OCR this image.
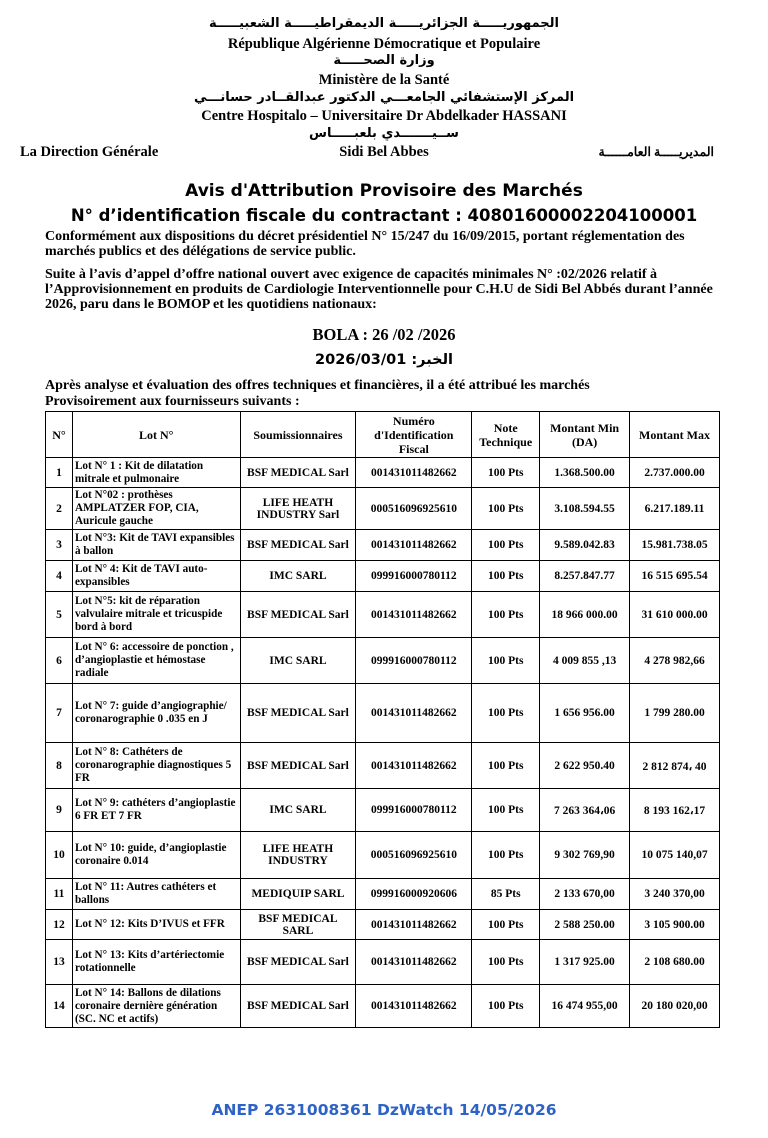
الجمهوريـــــة الجزائريـــــة الديمقراطيـــــة الشعبيـــــة
République Algérienne Démocratique et Populaire
وزارة الصحـــــة
Ministère de la Santé
المركز الإستشفائي الجامعـــي الدكتور عبدالقــادر حسانـــي
Centre Hospitalo – Universitaire Dr Abdelkader HASSANI
ســيـــــــدي بلعبـــــاس
La Direction Générale	Sidi Bel Abbes	المديريـــــة العامــــــة
Avis d'Attribution Provisoire des Marchés
N° d’identification fiscale du contractant : 408016000022041000​01
Conformément aux dispositions du décret présidentiel N° 15/247 du 16/09/2015, portant réglementation des marchés publics et des délégations de service public.
Suite à l’avis d’appel d’offre national ouvert avec exigence de capacités minimales N° :02/2026 relatif à l’Approvisionnement en produits de Cardiologie Interventionnelle pour C.H.U de Sidi Bel Abbés durant l’année 2026, paru dans le BOMOP et les quotidiens nationaux:
BOLA : 26 /02 /2026
الخبر: 2026/03/01
Après analyse et évaluation des offres techniques et financières, il a été attribué les marchés
Provisoirement aux fournisseurs suivants :
N°	Lot N°	Soumissionnaires	Numéro d'Identification Fiscal	Note Technique	Montant Min (DA)	Montant Max
1	Lot N° 1 : Kit de dilatation mitrale et pulmonaire	BSF MEDICAL Sarl	001431011482662	100 Pts	1.368.500.00	2.737.000.00
2	Lot N°02 : prothèses AMPLATZER FOP, CIA, Auricule gauche	LIFE HEATH INDUSTRY Sarl	000516096925610	100 Pts	3.108.594.55	6.217.189.11
3	Lot N°3: Kit de TAVI expansibles à ballon	BSF MEDICAL Sarl	001431011482662	100 Pts	9.589.042.83	15.981.738.05
4	Lot N° 4: Kit de TAVI auto-expansibles	IMC SARL	099916000780112	100 Pts	8.257.847.77	16 515 695.54
5	Lot N°5: kit de réparation valvulaire mitrale et tricuspide bord à bord	BSF MEDICAL Sarl	001431011482662	100 Pts	18 966 000.00	31 610 000.00
6	Lot N° 6: accessoire de ponction , d’angioplastie et hémostase radiale	IMC SARL	099916000780112	100 Pts	4 009 855 ,13	4 278 982,66
7	Lot N° 7: guide d’angiographie/ coronarographie 0 .035 en J	BSF MEDICAL Sarl	001431011482662	100 Pts	1 656 956.00	1 799 280.00
8	Lot N° 8: Cathéters de coronarographie diagnostiques 5 FR	BSF MEDICAL Sarl	001431011482662	100 Pts	2 622 950.40	2 812 874، 40
9	Lot N° 9: cathéters d’angioplastie 6 FR ET 7 FR	IMC SARL	099916000780112	100 Pts	7 263 364،06	8 193 162،17
10	Lot N° 10: guide, d’angioplastie coronaire 0.014	LIFE HEATH INDUSTRY	000516096925610	100 Pts	9 302 769,90	10 075 140,07
11	Lot N° 11: Autres cathéters et ballons	MEDIQUIP SARL	099916000920606	85 Pts	2 133 670,00	3 240 370,00
12	Lot N° 12: Kits D’IVUS et FFR	BSF MEDICAL SARL	001431011482662	100 Pts	2 588 250.00	3 105 900.00
13	Lot N° 13: Kits d’artériectomie rotationnelle	BSF MEDICAL Sarl	001431011482662	100 Pts	1 317 925.00	2 108 680.00
14	Lot N° 14: Ballons de dilations coronaire dernière génération (SC. NC et actifs)	BSF MEDICAL Sarl	001431011482662	100 Pts	16 474 955,00	20 180 020,00
ANEP 2631008361 DzWatch 14/05/2026
